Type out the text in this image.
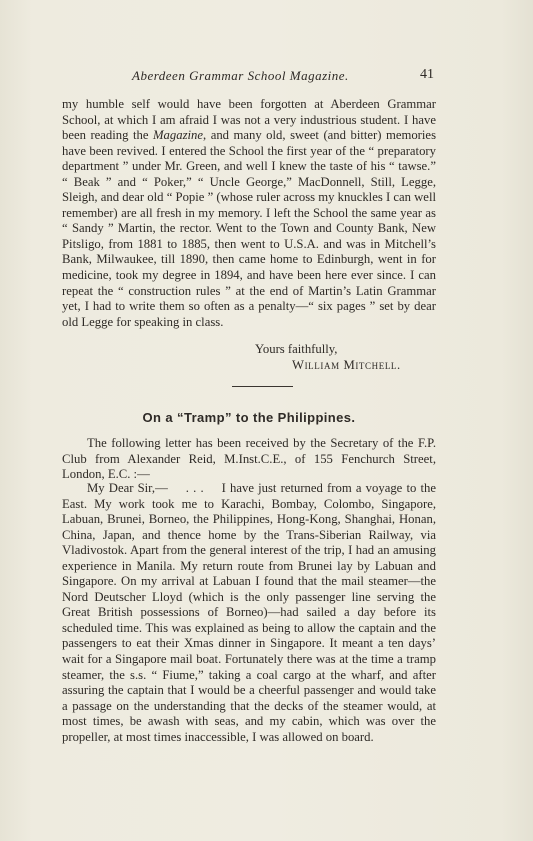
Aberdeen Grammar School Magazine.	41

my humble self would have been forgotten at Aberdeen Grammar School, at which I am afraid I was not a very industrious student. I have been reading the Magazine, and many old, sweet (and bitter) memories have been revived. I entered the School the first year of the “ preparatory department ” under Mr. Green, and well I knew the taste of his “ tawse.” “ Beak ” and “ Poker,” “ Uncle George,” MacDonnell, Still, Legge, Sleigh, and dear old “ Popie ” (whose ruler across my knuckles I can well remember) are all fresh in my memory. I left the School the same year as “ Sandy ” Martin, the rector. Went to the Town and County Bank, New Pitsligo, from 1881 to 1885, then went to U.S.A. and was in Mitchell’s Bank, Milwaukee, till 1890, then came home to Edinburgh, went in for medicine, took my degree in 1894, and have been here ever since. I can repeat the “ construction rules ” at the end of Martin’s Latin Grammar yet, I had to write them so often as a penalty—“ six pages ” set by dear old Legge for speaking in class.

Yours faithfully,
William Mitchell.
On a “Tramp” to the Philippines.

The following letter has been received by the Secretary of the F.P. Club from Alexander Reid, M.Inst.C.E., of 155 Fenchurch Street, London, E.C. :—

My Dear Sir,— . . . I have just returned from a voyage to the East. My work took me to Karachi, Bombay, Colombo, Singapore, Labuan, Brunei, Borneo, the Philippines, Hong-Kong, Shanghai, Honan, China, Japan, and thence home by the Trans-Siberian Railway, via Vladivostok. Apart from the general interest of the trip, I had an amusing experience in Manila. My return route from Brunei lay by Labuan and Singapore. On my arrival at Labuan I found that the mail steamer—the Nord Deutscher Lloyd (which is the only passenger line serving the Great British possessions of Borneo)—had sailed a day before its scheduled time. This was explained as being to allow the captain and the passengers to eat their Xmas dinner in Singapore. It meant a ten days’ wait for a Singapore mail boat. Fortunately there was at the time a tramp steamer, the s.s. “ Fiume,” taking a coal cargo at the wharf, and after assuring the captain that I would be a cheerful passenger and would take a passage on the understanding that the decks of the steamer would, at most times, be awash with seas, and my cabin, which was over the propeller, at most times inaccessible, I was allowed on board.
